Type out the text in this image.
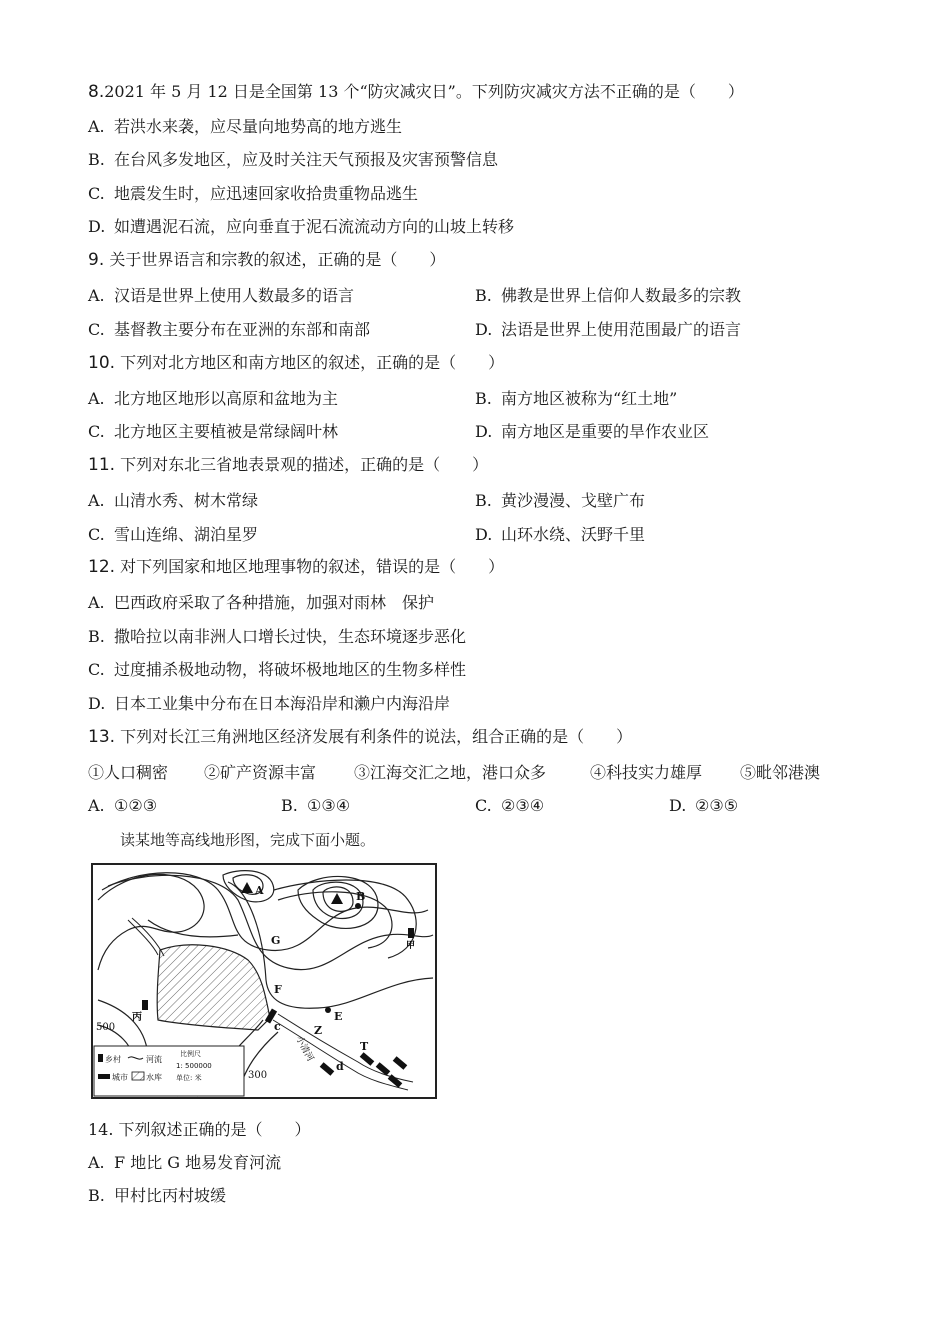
8.2021 年 5 月 12 日是全国第 13 个“防灾减灾日”。下列防灾减灾方法不正确的是（　　）
A. 若洪水来袭，应尽量向地势高的地方逃生
B. 在台风多发地区，应及时关注天气预报及灾害预警信息
C. 地震发生时，应迅速回家收拾贵重物品逃生
D. 如遭遇泥石流，应向垂直于泥石流流动方向的山坡上转移
9. 关于世界语言和宗教的叙述，正确的是（　　）
A. 汉语是世界上使用人数最多的语言	B. 佛教是世界上信仰人数最多的宗教
C. 基督教主要分布在亚洲的东部和南部	D. 法语是世界上使用范围最广的语言
10. 下列对北方地区和南方地区的叙述，正确的是（　　）
A. 北方地区地形以高原和盆地为主	B. 南方地区被称为“红土地”
C. 北方地区主要植被是常绿阔叶林	D. 南方地区是重要的旱作农业区
11. 下列对东北三省地表景观的描述，正确的是（　　）
A. 山清水秀、树木常绿	B. 黄沙漫漫、戈壁广布
C. 雪山连绵、湖泊星罗	D. 山环水绕、沃野千里
12. 对下列国家和地区地理事物的叙述，错误的是（　　）
A. 巴西政府采取了各种措施，加强对雨林　保护
B. 撒哈拉以南非洲人口增长过快，生态环境逐步恶化
C. 过度捕杀极地动物，将破坏极地地区的生物多样性
D. 日本工业集中分布在日本海沿岸和濑户内海沿岸
13. 下列对长江三角洲地区经济发展有利条件的说法，组合正确的是（　　）
①人口稠密 ②矿产资源丰富 ③江海交汇之地，港口众多	④科技实力雄厚 ⑤毗邻港澳
A. ①②③	B. ①③④	C. ②③④	D. ②③⑤
读某地等高线地形图，完成下面小题。
A	B
G
F
E
Z
T
c
d
甲
丙
500
300
小清河
乡村	河流
城市 水库
比例尺
1: 500000
单位: 米
14. 下列叙述正确的是（　　）
A. F 地比 G 地易发育河流
B. 甲村比丙村坡缓
